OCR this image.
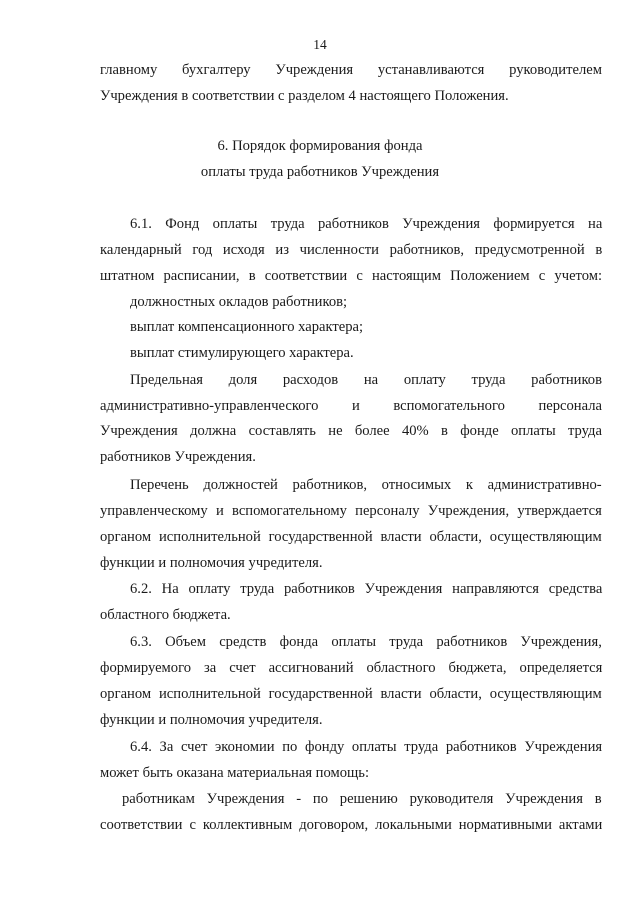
14
главному бухгалтеру Учреждения устанавливаются руководителем
Учреждения в соответствии с разделом 4 настоящего Положения.
6. Порядок формирования фонда
оплаты труда работников Учреждения
6.1. Фонд оплаты труда работников Учреждения формируется на
календарный год исходя из численности работников, предусмотренной в
штатном расписании, в соответствии с настоящим Положением с учетом:
должностных окладов работников;
выплат компенсационного характера;
выплат стимулирующего характера.
Предельная доля расходов на оплату труда работников
административно-управленческого и вспомогательного персонала
Учреждения должна составлять не более 40% в фонде оплаты труда
работников Учреждения.
Перечень должностей работников, относимых к административно-
управленческому и вспомогательному персоналу Учреждения, утверждается
органом исполнительной государственной власти области, осуществляющим
функции и полномочия учредителя.
6.2. На оплату труда работников Учреждения направляются средства
областного бюджета.
6.3. Объем средств фонда оплаты труда работников Учреждения,
формируемого за счет ассигнований областного бюджета, определяется
органом исполнительной государственной власти области, осуществляющим
функции и полномочия учредителя.
6.4. За счет экономии по фонду оплаты труда работников Учреждения
может быть оказана материальная помощь:
работникам Учреждения - по решению руководителя Учреждения в
соответствии с коллективным договором, локальными нормативными актами
